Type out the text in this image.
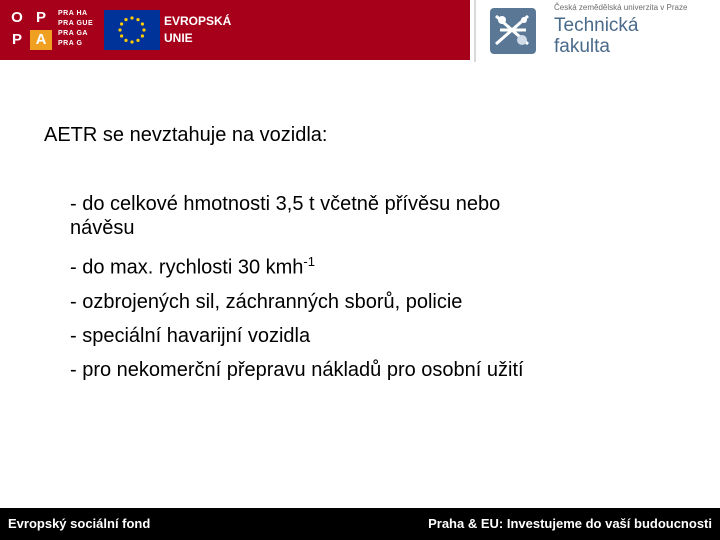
O P
P A
PRA HA
PRA GUE
PRA GA
PRA G
EVROPSKÁ
UNIE
Česká zemědělská univerzita v Praze
Technická
fakulta

AETR se nevztahuje na vozidla:

- do celkové hmotnosti 3,5 t včetně přívěsu nebo
návěsu
- do max. rychlosti 30 kmh$^{-1}$
- ozbrojených sil, záchranných sborů, policie
- speciální havarijní vozidla
- pro nekomerční přepravu nákladů pro osobní užití
Evropský sociální fond	Praha & EU: Investujeme do vaší budoucnosti
